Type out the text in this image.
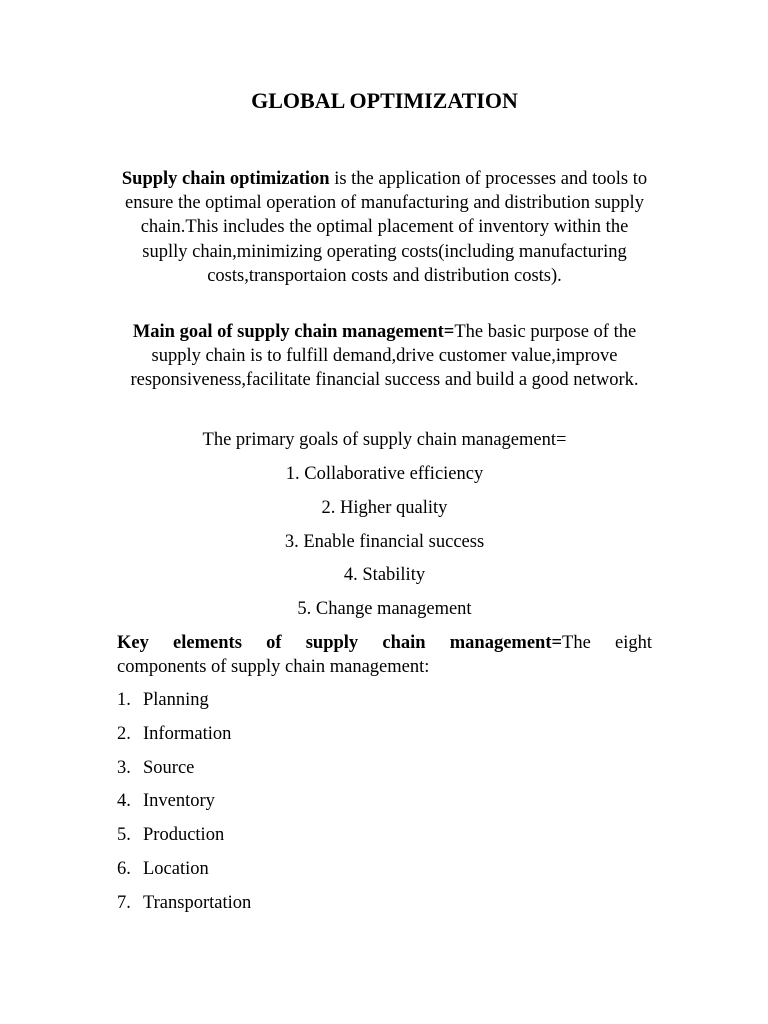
GLOBAL OPTIMIZATION

Supply chain optimization is the application of processes and tools to ensure the optimal operation of manufacturing and distribution supply chain.This includes the optimal placement of inventory within the suplly chain,minimizing operating costs(including manufacturing costs,transportaion costs and distribution costs).

Main goal of supply chain management=The basic purpose of the supply chain is to fulfill demand,drive customer value,improve responsiveness,facilitate financial success and build a good network.

The primary goals of supply chain management=

1. Collaborative efficiency

2. Higher quality

3. Enable financial success

4. Stability

5. Change management

Key elements of supply chain management=The eight
components of supply chain management:

1. Planning
2. Information
3. Source
4. Inventory
5. Production
6. Location
7. Transportation
